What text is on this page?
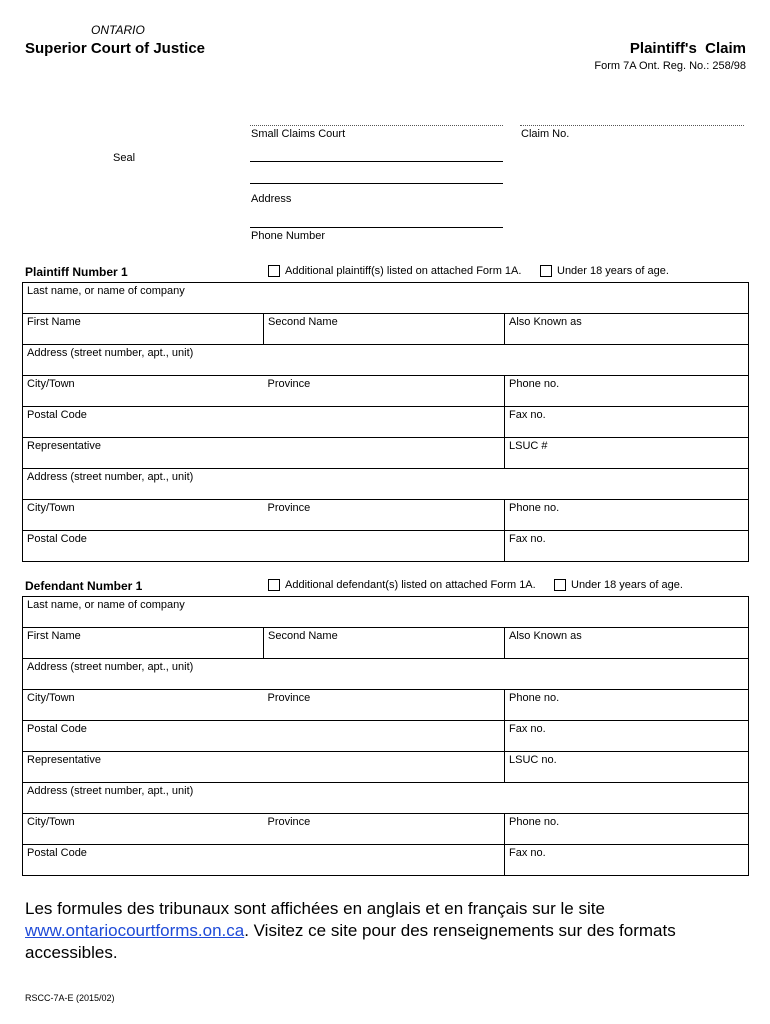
ONTARIO
Superior Court of Justice	Plaintiff's  Claim
Form 7A Ont. Reg. No.: 258/98
Small Claims Court	Claim No.
Seal
Address
Phone Number
Plaintiff Number 1	Additional plaintiff(s) listed on attached Form 1A.	Under 18 years of age.
Last name, or name of company		
First Name	Second Name	Also Known as
Address (street number, apt., unit)		
City/Town	Province	Phone no.
Postal Code		Fax no.
Representative		LSUC #
Address (street number, apt., unit)		
City/Town	Province	Phone no.
Postal Code		Fax no.
Defendant Number 1	Additional defendant(s) listed on attached Form 1A.	Under 18 years of age.
Last name, or name of company		
First Name	Second Name	Also Known as
Address (street number, apt., unit)		
City/Town	Province	Phone no.
Postal Code		Fax no.
Representative		LSUC no.
Address (street number, apt., unit)		
City/Town	Province	Phone no.
Postal Code		Fax no.
Les formules des tribunaux sont affichées en anglais et en français sur le site
www.ontariocourtforms.on.ca. Visitez ce site pour des renseignements sur des formats
accessibles.
RSCC-7A-E (2015/02)
